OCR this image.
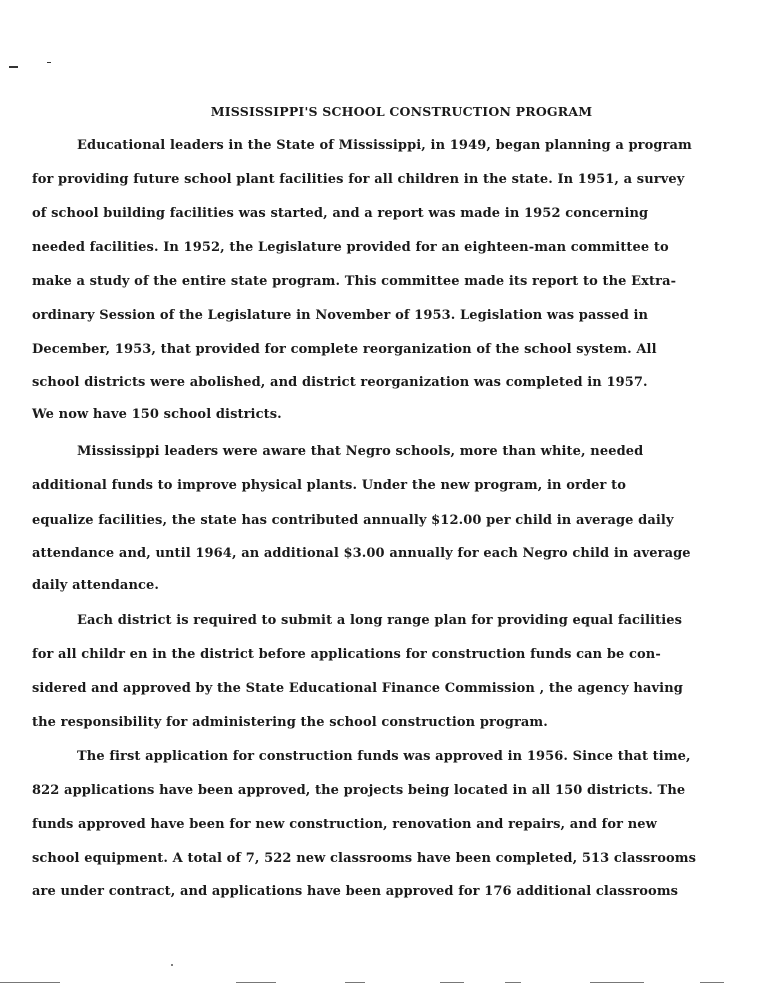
MISSISSIPPI'S SCHOOL CONSTRUCTION PROGRAM
Educational leaders in the State of Mississippi, in 1949, began planning a program
for providing future school plant facilities for all children in the state. In 1951, a survey
of school building facilities was started, and a report was made in 1952 concerning
needed facilities. In 1952, the Legislature provided for an eighteen-man committee to
make a study of the entire state program. This committee made its report to the Extra-
ordinary Session of the Legislature in November of 1953. Legislation was passed in
December, 1953, that provided for complete reorganization of the school system. All
school districts were abolished, and district reorganization was completed in 1957.
We now have 150 school districts.
Mississippi leaders were aware that Negro schools, more than white, needed
additional funds to improve physical plants. Under the new program, in order to
equalize facilities, the state has contributed annually $12.00 per child in average daily
attendance and, until 1964, an additional $3.00 annually for each Negro child in average
daily attendance.
Each district is required to submit a long range plan for providing equal facilities
for all childr en in the district before applications for construction funds can be con-
sidered and approved by the State Educational Finance Commission , the agency having
the responsibility for administering the school construction program.
The first application for construction funds was approved in 1956. Since that time,
822 applications have been approved, the projects being located in all 150 districts. The
funds approved have been for new construction, renovation and repairs, and for new
school equipment. A total of 7, 522 new classrooms have been completed, 513 classrooms
are under contract, and applications have been approved for 176 additional classrooms
